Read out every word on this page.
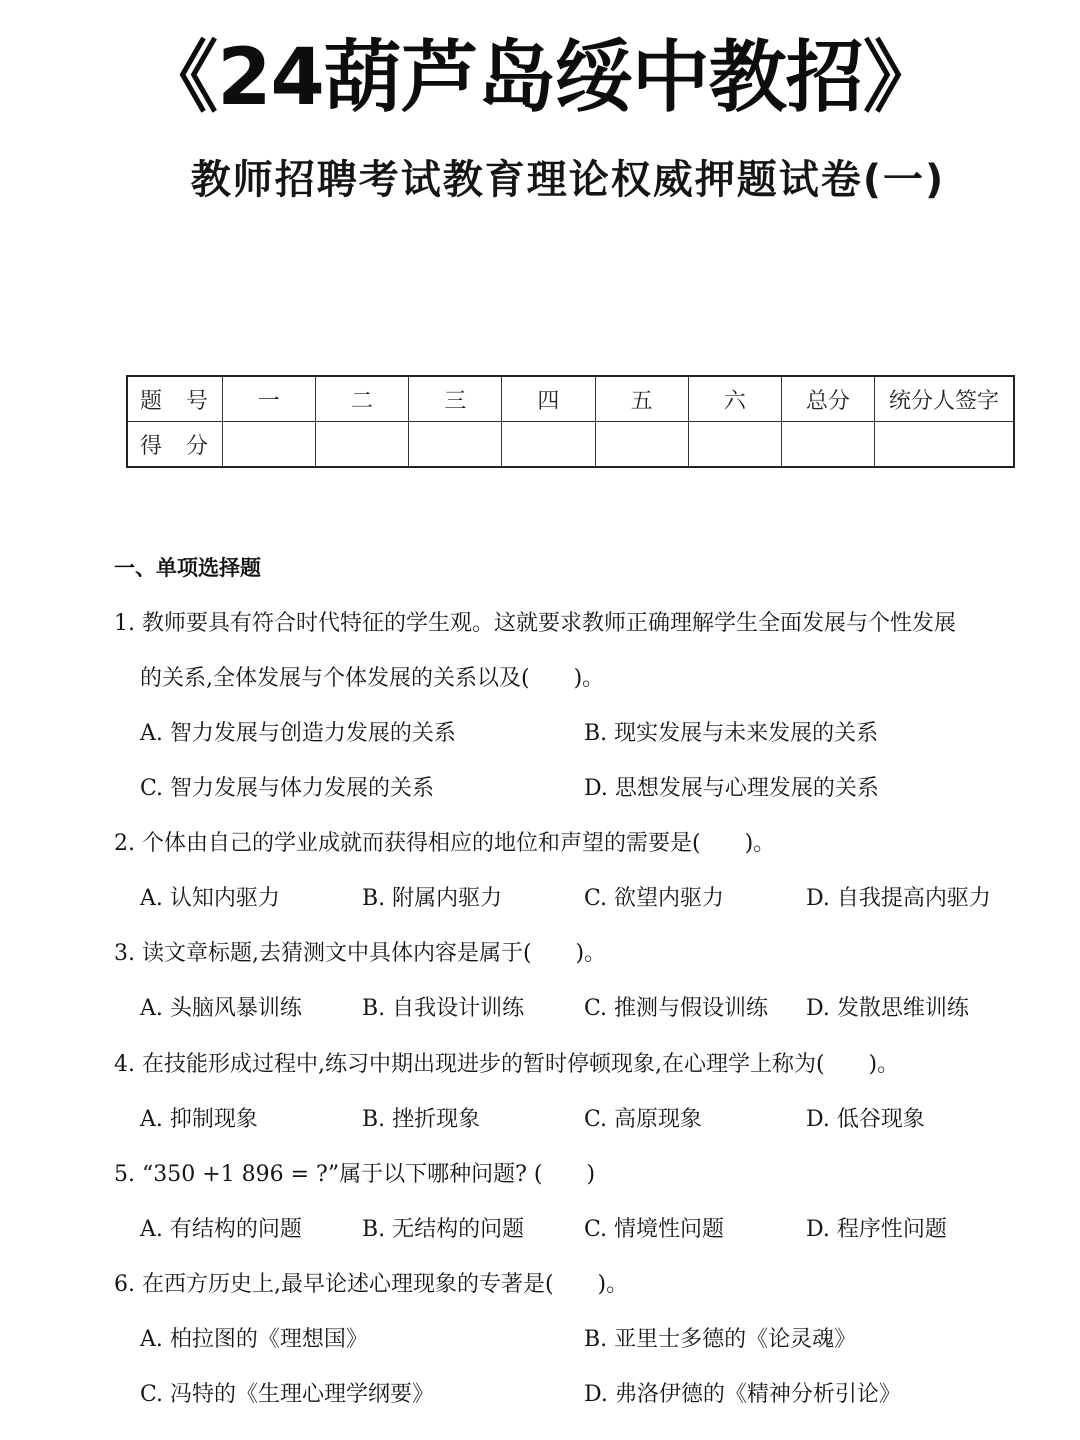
《24葫芦岛绥中教招》
教师招聘考试教育理论权威押题试卷(一)
题　号	一	二	三	四	五	六	总分	统分人签字
得　分								
一、单项选择题
1. 教师要具有符合时代特征的学生观。这就要求教师正确理解学生全面发展与个性发展
的关系,全体发展与个体发展的关系以及(　　)。
A. 智力发展与创造力发展的关系	B. 现实发展与未来发展的关系
C. 智力发展与体力发展的关系	D. 思想发展与心理发展的关系
2. 个体由自己的学业成就而获得相应的地位和声望的需要是(　　)。
A. 认知内驱力	B. 附属内驱力	C. 欲望内驱力	D. 自我提高内驱力
3. 读文章标题,去猜测文中具体内容是属于(　　)。
A. 头脑风暴训练	B. 自我设计训练	C. 推测与假设训练 D. 发散思维训练
4. 在技能形成过程中,练习中期出现进步的暂时停顿现象,在心理学上称为(　　)。
A. 抑制现象	B. 挫折现象	C. 高原现象	D. 低谷现象
5. “350 +1 896 = ?”属于以下哪种问题? (　　)
A. 有结构的问题	B. 无结构的问题	C. 情境性问题	D. 程序性问题
6. 在西方历史上,最早论述心理现象的专著是(　　)。
A. 柏拉图的《理想国》	B. 亚里士多德的《论灵魂》
C. 冯特的《生理心理学纲要》	D. 弗洛伊德的《精神分析引论》
